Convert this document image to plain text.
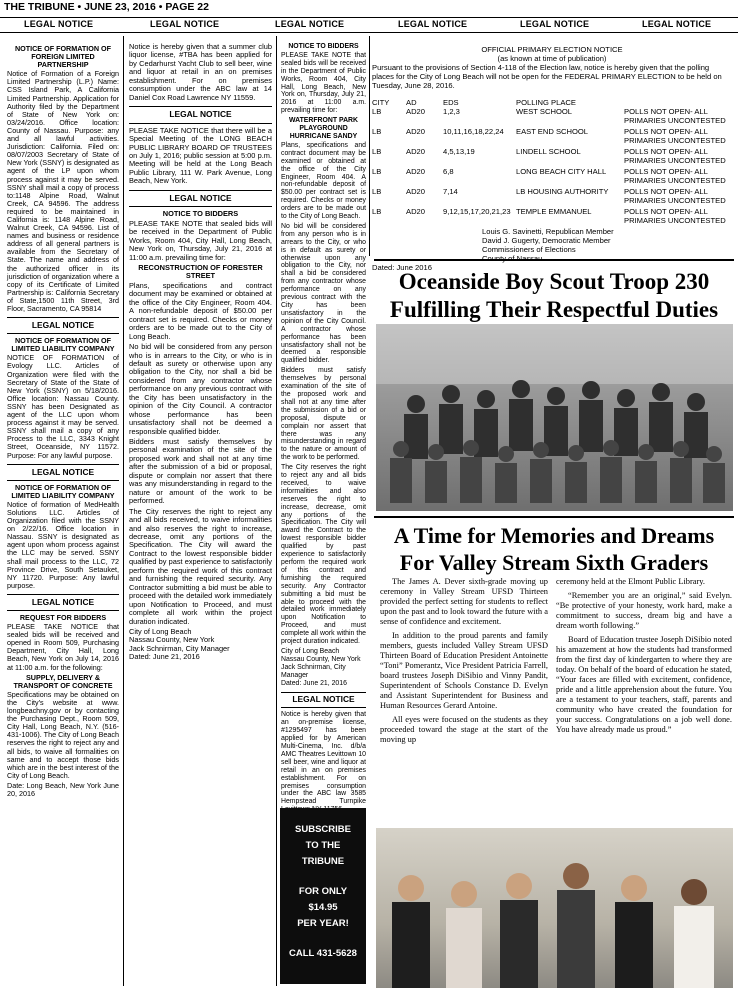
THE TRIBUNE • JUNE 23, 2016 • PAGE 22
LEGAL NOTICE	LEGAL NOTICE	LEGAL NOTICE	LEGAL NOTICE	LEGAL NOTICE	LEGAL NOTICE
NOTICE OF FORMATION OF FOREIGN LIMITED PARTNERSHIP

Notice of Formation of a Foreign Limited Partnership (L.P.) Name: CSS Island Park, A California Limited Partnership. Application for Authority filed by the Department of State of New York on: 03/24/2016. Office location: County of Nassau. Purpose: any and all lawful activities. Jurisdiction: California. Filed on: 08/07/2003 Secretary of State of New York (SSNY) is designated as agent of the LP upon whom process against it may be served. SSNY shall mail a copy of process to:1148 Alpine Road, Walnut Creek, CA 94596. The address required to be maintained in California is: 1148 Alpine Road, Walnut Creek, CA 94596. List of names and business or residence address of all general partners is available from the Secretary of State. The name and address of the authorized officer in its jurisdiction of organization where a copy of its Certificate of Limited Partnership is: California Secretary of State,1500 11th Street, 3rd Floor, Sacramento, CA 95814

LEGAL NOTICE
NOTICE OF FORMATION OF LIMITED LIABILITY COMPANY

NOTICE OF FORMATION of Evology LLC. Articles of Organization were filed with the Secretary of State of the State of New York (SSNY) on 5/18/2016. Office location: Nassau County. SSNY has been Designated as agent of the LLC upon whom process against it may be served. SSNY shall mail a copy of any Process to the LLC, 3343 Knight Street, Oceanside, NY 11572. Purpose: For any lawful purpose.

LEGAL NOTICE
NOTICE OF FORMATION OF LIMITED LIABILITY COMPANY

Notice of formation of MedHealth Solutions LLC. Articles of Organization filed with the SSNY on 2/22/16. Office location in Nassau. SSNY is designated as agent upon whom process against the LLC may be served. SSNY shall mail process to the LLC, 72 Province Drive, South Setauket, NY 11720. Purpose: Any lawful purpose.

LEGAL NOTICE
REQUEST FOR BIDDERS

PLEASE TAKE NOTICE that sealed bids will be received and opened in Room 509, Purchasing Department, City Hall, Long Beach, New York on July 14, 2016 at 11:00 a.m. for the following:

SUPPLY, DELIVERY & TRANSPORT OF CONCRETE

Specifications may be obtained on the City's website at www. longbeachny.gov or by contacting the Purchasing Dept., Room 509, City Hall, Long Beach, N.Y. (516-431-1006). The City of Long Beach reserves the right to reject any and all bids, to waive all formalities on same and to accept those bids which are in the best interest of the City of Long Beach.

Date: Long Beach, New York June 20, 2016

Notice is hereby given that a summer club liquor license, #TBA has been applied for by Cedarhurst Yacht Club to sell beer, wine and liquor at retail in an on premises establishment. For on premises consumption under the ABC law at 14 Daniel Cox Road Lawrence NY 11559.

LEGAL NOTICE

PLEASE TAKE NOTICE that there will be a Special Meeting of the LONG BEACH PUBLIC LIBRARY BOARD OF TRUSTEES on July 1, 2016; public session at 5:00 p.m. Meeting will be held at the Long Beach Public Library, 111 W. Park Avenue, Long Beach, New York.

LEGAL NOTICE
NOTICE TO BIDDERS

PLEASE TAKE NOTE that sealed bids will be received in the Department of Public Works, Room 404, City Hall, Long Beach, New York on, Thursday, July 21, 2016 at 11:00 a.m. prevailing time for:

RECONSTRUCTION OF FORESTER STREET

Plans, specifications and contract document may be examined or obtained at the office of the City Engineer, Room 404. A non-refundable deposit of $50.00 per contract set is required. Checks or money orders are to be made out to the City of Long Beach.

No bid will be considered from any person who is in arrears to the City, or who is in default as surety or otherwise upon any obligation to the City, nor shall a bid be considered from any contractor whose performance on any previous contract with the City has been unsatisfactory in the opinion of the City Council. A contractor whose performance has been unsatisfactory shall not be deemed a responsible qualified bidder.

Bidders must satisfy themselves by personal examination of the site of the proposed work and shall not at any time after the submission of a bid or proposal, dispute or complain nor assert that there was any misunderstanding in regard to the nature or amount of the work to be performed.

The City reserves the right to reject any and all bids received, to waive informalities and also reserves the right to increase, decrease, omit any portions of the Specification. The City will award the Contract to the lowest responsible bidder qualified by past experience to satisfactorily perform the required work of this contract and furnishing the required security. Any Contractor submitting a bid must be able to proceed with the detailed work immediately upon Notification to Proceed, and must complete all work within the project duration indicated.

City of Long Beach
Nassau County, New York
Jack Schnirman, City Manager
Dated: June 21, 2016
NOTICE TO BIDDERS

PLEASE TAKE NOTE that sealed bids will be received in the Department of Public Works, Room 404, City Hall, Long Beach, New York on, Thursday, July 21, 2016 at 11:00 a.m. prevailing time for:

WATERFRONT PARK PLAYGROUND HURRICANE SANDY

Plans, specifications and contract document may be examined or obtained at the office of the City Engineer, Room 404. A non-refundable deposit of $50.00 per contract set is required. Checks or money orders are to be made out to the City of Long Beach.

No bid will be considered from any person who is in arrears to the City, or who is in default as surety or otherwise upon any obligation to the City, nor shall a bid be considered from any contractor whose performance on any previous contract with the City has been unsatisfactory in the opinion of the City Council. A contractor whose performance has been unsatisfactory shall not be deemed a responsible qualified bidder.

Bidders must satisfy themselves by personal examination of the site of the proposed work and shall not at any time after the submission of a bid or proposal, dispute or complain nor assert that there was any misunderstanding in regard to the nature or amount of the work to be performed.

The City reserves the right to reject any and all bids received, to waive informalities and also reserves the right to increase, decrease, omit any portions of the Specification. The City will award the Contract to the lowest responsible bidder qualified by past experience to satisfactorily perform the required work of this contract and furnishing the required security. Any Contractor submitting a bid must be able to proceed with the detailed work immediately upon Notification to Proceed, and must complete all work within the project duration indicated.

City of Long Beach
Nassau County, New York
Jack Schnirman, City Manager
Dated: June 21, 2016
LEGAL NOTICE

Notice is hereby given that an on-premise license, #1295497 has been applied for by American Multi-Cinema, Inc. d/b/a AMC Theatres Levittown 10 sell beer, wine and liquor at retail in an on premises establishment. For on premises consumption under the ABC law 3585 Hempstead Turnpike

SUBSCRIBE
TO THE
TRIBUNE
FOR ONLY
$14.95
PER YEAR!
CALL 431-5628
OFFICIAL PRIMARY ELECTION NOTICE
(as known at time of publication)
Pursuant to the provisions of Section 4-118 of the Election law, notice is hereby given that the polling places for the City of Long Beach will not be open for the FEDERAL PRIMARY ELECTION to be held on Tuesday, June 28, 2016.
CITY	AD	EDS	POLLING PLACE	
LB	AD20	1,2,3	WEST SCHOOL	POLLS NOT OPEN- ALL PRIMARIES UNCONTESTED
LB	AD20	10,11,16,18,22,24	EAST END SCHOOL	POLLS NOT OPEN- ALL PRIMARIES UNCONTESTED
LB	AD20	4,5,13,19	LINDELL SCHOOL	POLLS NOT OPEN- ALL PRIMARIES UNCONTESTED
LB	AD20	6,8	LONG BEACH CITY HALL	POLLS NOT OPEN- ALL PRIMARIES UNCONTESTED
LB	AD20	7,14	LB HOUSING AUTHORITY	POLLS NOT OPEN- ALL PRIMARIES UNCONTESTED
LB	AD20	9,12,15,17,20,21,23	TEMPLE EMMANUEL	POLLS NOT OPEN- ALL PRIMARIES UNCONTESTED
Louis G. Savinetti, Republican Member
David J. Gugerty, Democratic Member
Commissioners of Elections
County of Nassau
Dated: June 2016
Oceanside Boy Scout Troop 230
Fulfilling Their Respectful Duties
A Time for Memories and Dreams
For Valley Stream Sixth Graders

The James A. Dever sixth-grade moving up ceremony in Valley Stream UFSD Thirteen provided the perfect setting for students to reflect upon the past and to look toward the future with a sense of confidence and excitement.

In addition to the proud parents and family members, guests included Valley Stream UFSD Thirteen Board of Education President Antoinette “Toni” Pomerantz, Vice President Patricia Farrell, board trustees Joseph DiSibio and Vinny Pandit, Superintendent of Schools Constance D. Evelyn and Assistant Superintendent for Business and Human Resources Gerard Antoine.

All eyes were focused on the students as they proceeded toward the stage at the start of the moving up

ceremony held at the Elmont Public Library.

“Remember you are an original,” said Evelyn. “Be protective of your honesty, work hard, make a commitment to success, dream big and have a dream worth following.”

Board of Education trustee Joseph DiSibio noted his amazement at how the students had transformed from the first day of kindergarten to where they are today. On behalf of the board of education he stated, “Your faces are filled with excitement, confidence, pride and a little apprehension about the future. You are a testament to your teachers, staff, parents and community who have created the foundation for your success. Congratulations on a job well done. You have already made us proud.”
